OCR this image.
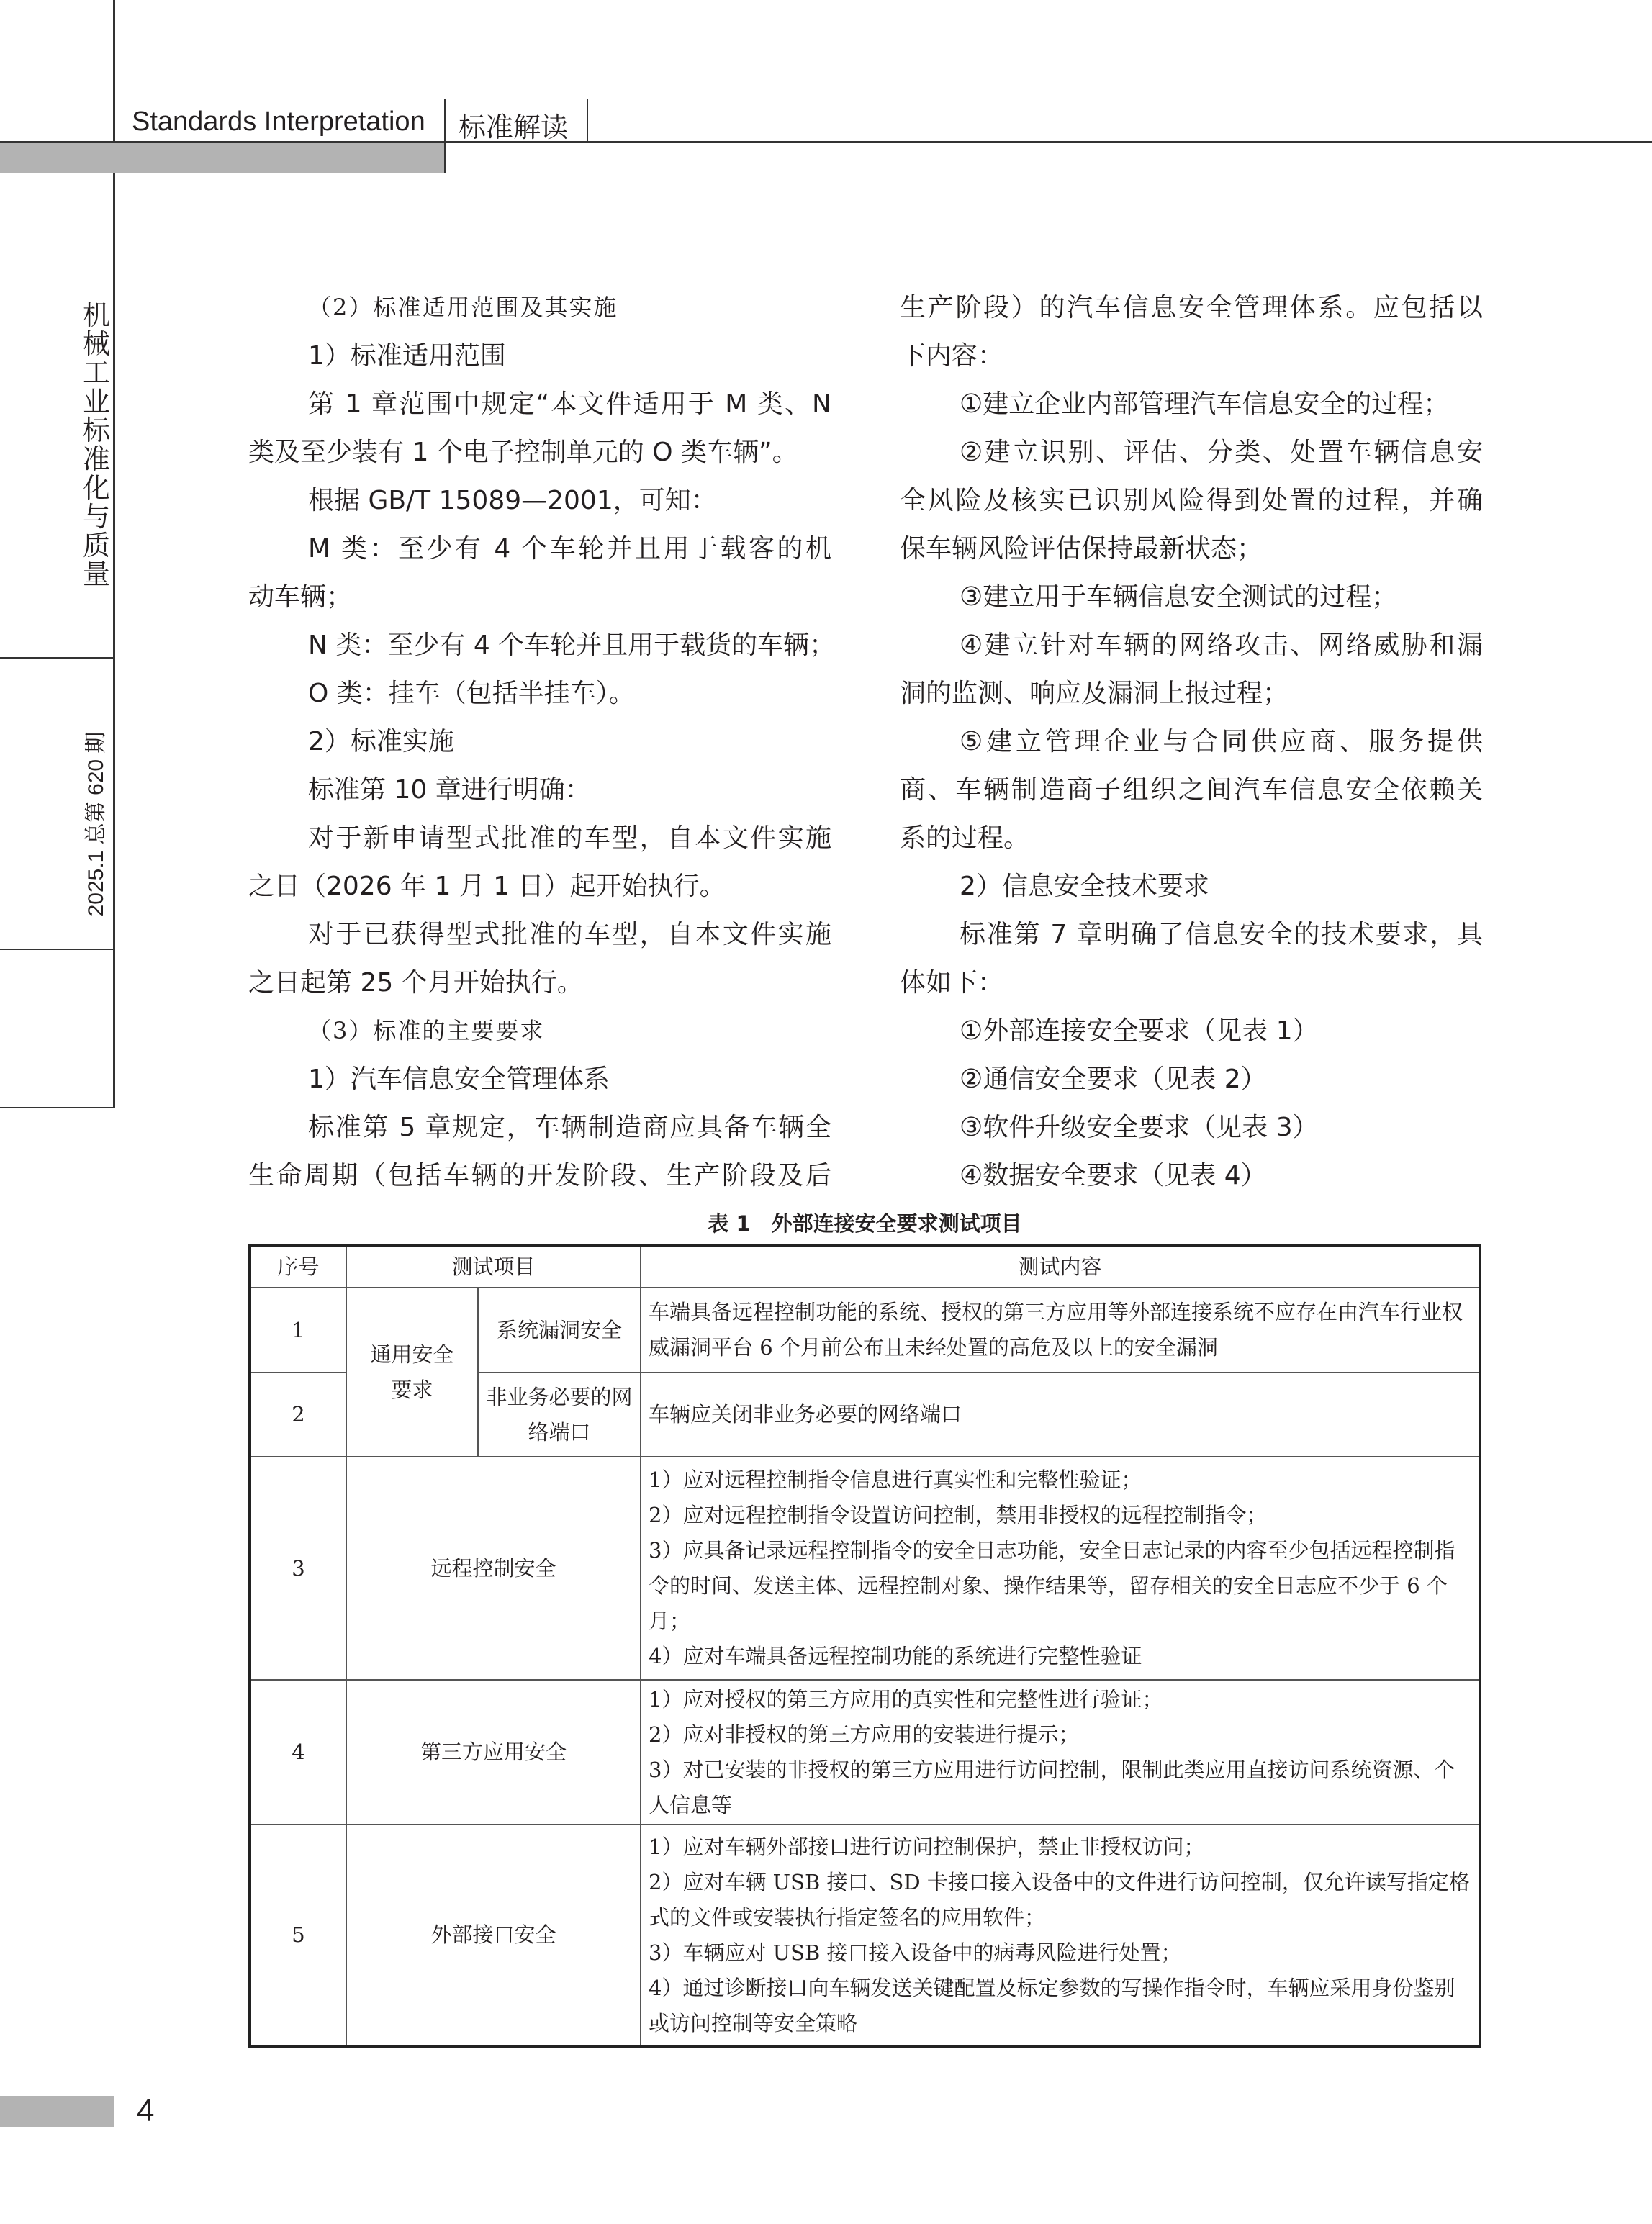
Standards Interpretation 标准解读
机械工业标准化与质量
2025.1 总第 620 期
（2）标准适用范围及其实施
1）标准适用范围
第 1 章范围中规定“本文件适用于 M 类、N
类及至少装有 1 个电子控制单元的 O 类车辆”。
根据 GB/T 15089—2001，可知：
M 类：至少有 4 个车轮并且用于载客的机
动车辆；
N 类：至少有 4 个车轮并且用于载货的车辆；
O 类：挂车（包括半挂车）。
2）标准实施
标准第 10 章进行明确：
对于新申请型式批准的车型，自本文件实施
之日（2026 年 1 月 1 日）起开始执行。
对于已获得型式批准的车型，自本文件实施
之日起第 25 个月开始执行。
（3）标准的主要要求
1）汽车信息安全管理体系
标准第 5 章规定，车辆制造商应具备车辆全
生命周期（包括车辆的开发阶段、生产阶段及后
生产阶段）的汽车信息安全管理体系。应包括以
下内容：
①建立企业内部管理汽车信息安全的过程；
②建立识别、评估、分类、处置车辆信息安
全风险及核实已识别风险得到处置的过程，并确
保车辆风险评估保持最新状态；
③建立用于车辆信息安全测试的过程；
④建立针对车辆的网络攻击、网络威胁和漏
洞的监测、响应及漏洞上报过程；
⑤建立管理企业与合同供应商、服务提供
商、车辆制造商子组织之间汽车信息安全依赖关
系的过程。
2）信息安全技术要求
标准第 7 章明确了信息安全的技术要求，具
体如下：
①外部连接安全要求（见表 1）
②通信安全要求（见表 2）
③软件升级安全要求（见表 3）
④数据安全要求（见表 4）
表 1　外部连接安全要求测试项目
序号	测试项目		测试内容
1	通用安全要求	系统漏洞安全	车端具备远程控制功能的系统、授权的第三方应用等外部连接系统不应存在由汽车行业权威漏洞平台 6 个月前公布且未经处置的高危及以上的安全漏洞
2		非业务必要的网络端口	车辆应关闭非业务必要的网络端口
3	远程控制安全		1）应对远程控制指令信息进行真实性和完整性验证；
2）应对远程控制指令设置访问控制，禁用非授权的远程控制指令；
3）应具备记录远程控制指令的安全日志功能，安全日志记录的内容至少包括远程控制指令的时间、发送主体、远程控制对象、操作结果等，留存相关的安全日志应不少于 6 个月；
4）应对车端具备远程控制功能的系统进行完整性验证

4	第三方应用安全		1）应对授权的第三方应用的真实性和完整性进行验证；
2）应对非授权的第三方应用的安装进行提示；
3）对已安装的非授权的第三方应用进行访问控制，限制此类应用直接访问系统资源、个人信息等

5	外部接口安全		1）应对车辆外部接口进行访问控制保护，禁止非授权访问；
2）应对车辆 USB 接口、SD 卡接口接入设备中的文件进行访问控制，仅允许读写指定格式的文件或安装执行指定签名的应用软件；
3）车辆应对 USB 接口接入设备中的病毒风险进行处置；
4）通过诊断接口向车辆发送关键配置及标定参数的写操作指令时，车辆应采用身份鉴别或访问控制等安全策略
4
